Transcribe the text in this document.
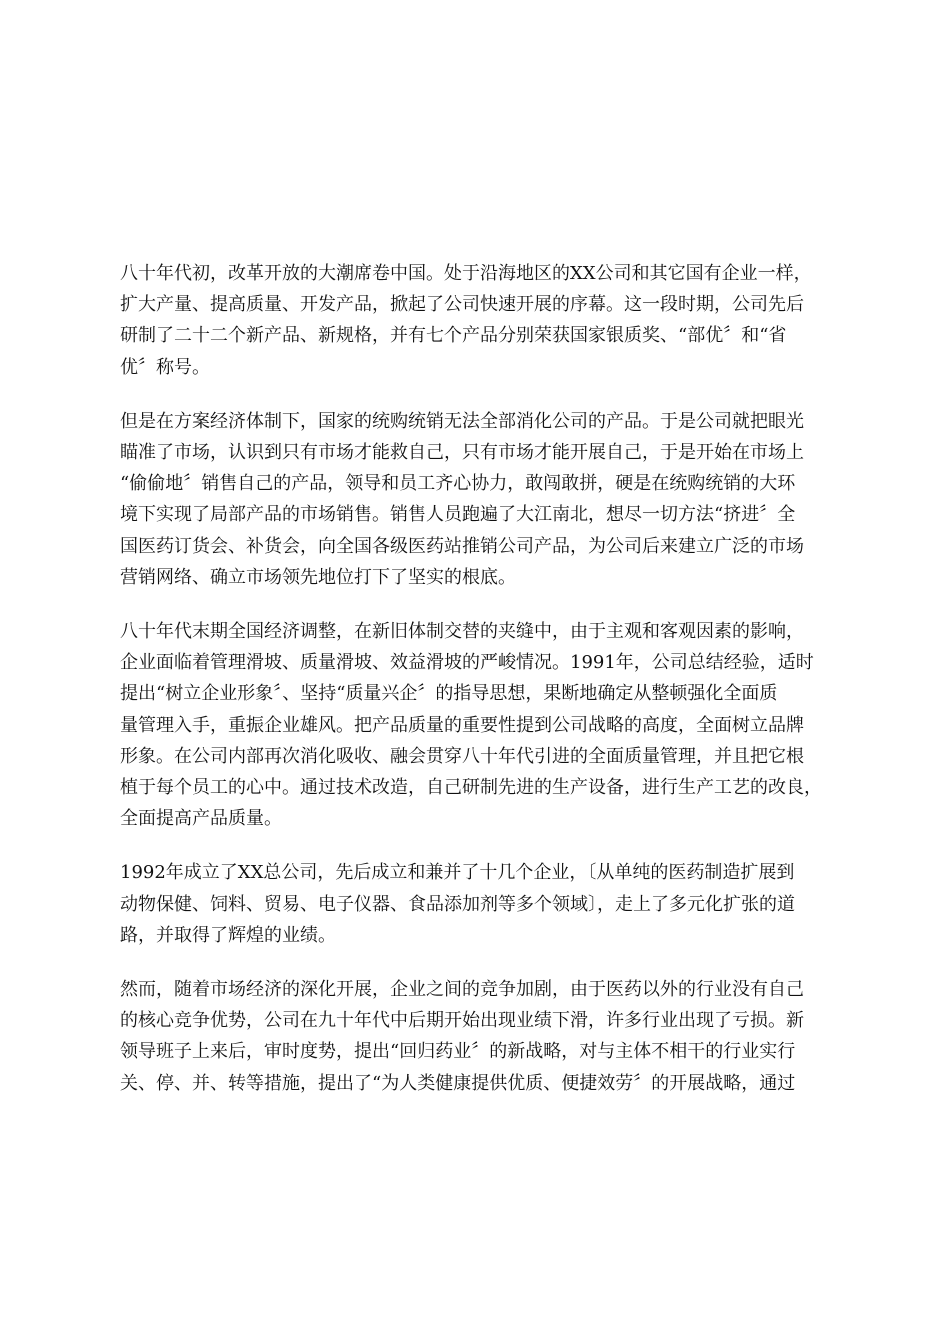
八十年代初，改革开放的大潮席卷中国。处于沿海地区的XX公司和其它国有企业一样，
扩大产量、提高质量、开发产品，掀起了公司快速开展的序幕。这一段时期，公司先后
研制了二十二个新产品、新规格，并有七个产品分别荣获国家银质奖、“部优〞和“省
优〞称号。

但是在方案经济体制下，国家的统购统销无法全部消化公司的产品。于是公司就把眼光
瞄准了市场，认识到只有市场才能救自己，只有市场才能开展自己，于是开始在市场上
“偷偷地〞销售自己的产品，领导和员工齐心协力，敢闯敢拼，硬是在统购统销的大环
境下实现了局部产品的市场销售。销售人员跑遍了大江南北，想尽一切方法“挤进〞全
国医药订货会、补货会，向全国各级医药站推销公司产品，为公司后来建立广泛的市场
营销网络、确立市场领先地位打下了坚实的根底。

八十年代末期全国经济调整，在新旧体制交替的夹缝中，由于主观和客观因素的影响，
企业面临着管理滑坡、质量滑坡、效益滑坡的严峻情况。1991年，公司总结经验，适时
提出“树立企业形象〞、坚持“质量兴企〞的指导思想，果断地确定从整顿强化全面质
量管理入手，重振企业雄风。把产品质量的重要性提到公司战略的高度，全面树立品牌
形象。在公司内部再次消化吸收、融会贯穿八十年代引进的全面质量管理，并且把它根
植于每个员工的心中。通过技术改造，自己研制先进的生产设备，进行生产工艺的改良，
全面提高产品质量。

1992年成立了XX总公司，先后成立和兼并了十几个企业，〔从单纯的医药制造扩展到
动物保健、饲料、贸易、电子仪器、食品添加剂等多个领域〕，走上了多元化扩张的道
路，并取得了辉煌的业绩。

然而，随着市场经济的深化开展，企业之间的竞争加剧，由于医药以外的行业没有自己
的核心竞争优势，公司在九十年代中后期开始出现业绩下滑，许多行业出现了亏损。新
领导班子上来后，审时度势，提出“回归药业〞的新战略，对与主体不相干的行业实行
关、停、并、转等措施，提出了“为人类健康提供优质、便捷效劳〞的开展战略，通过
